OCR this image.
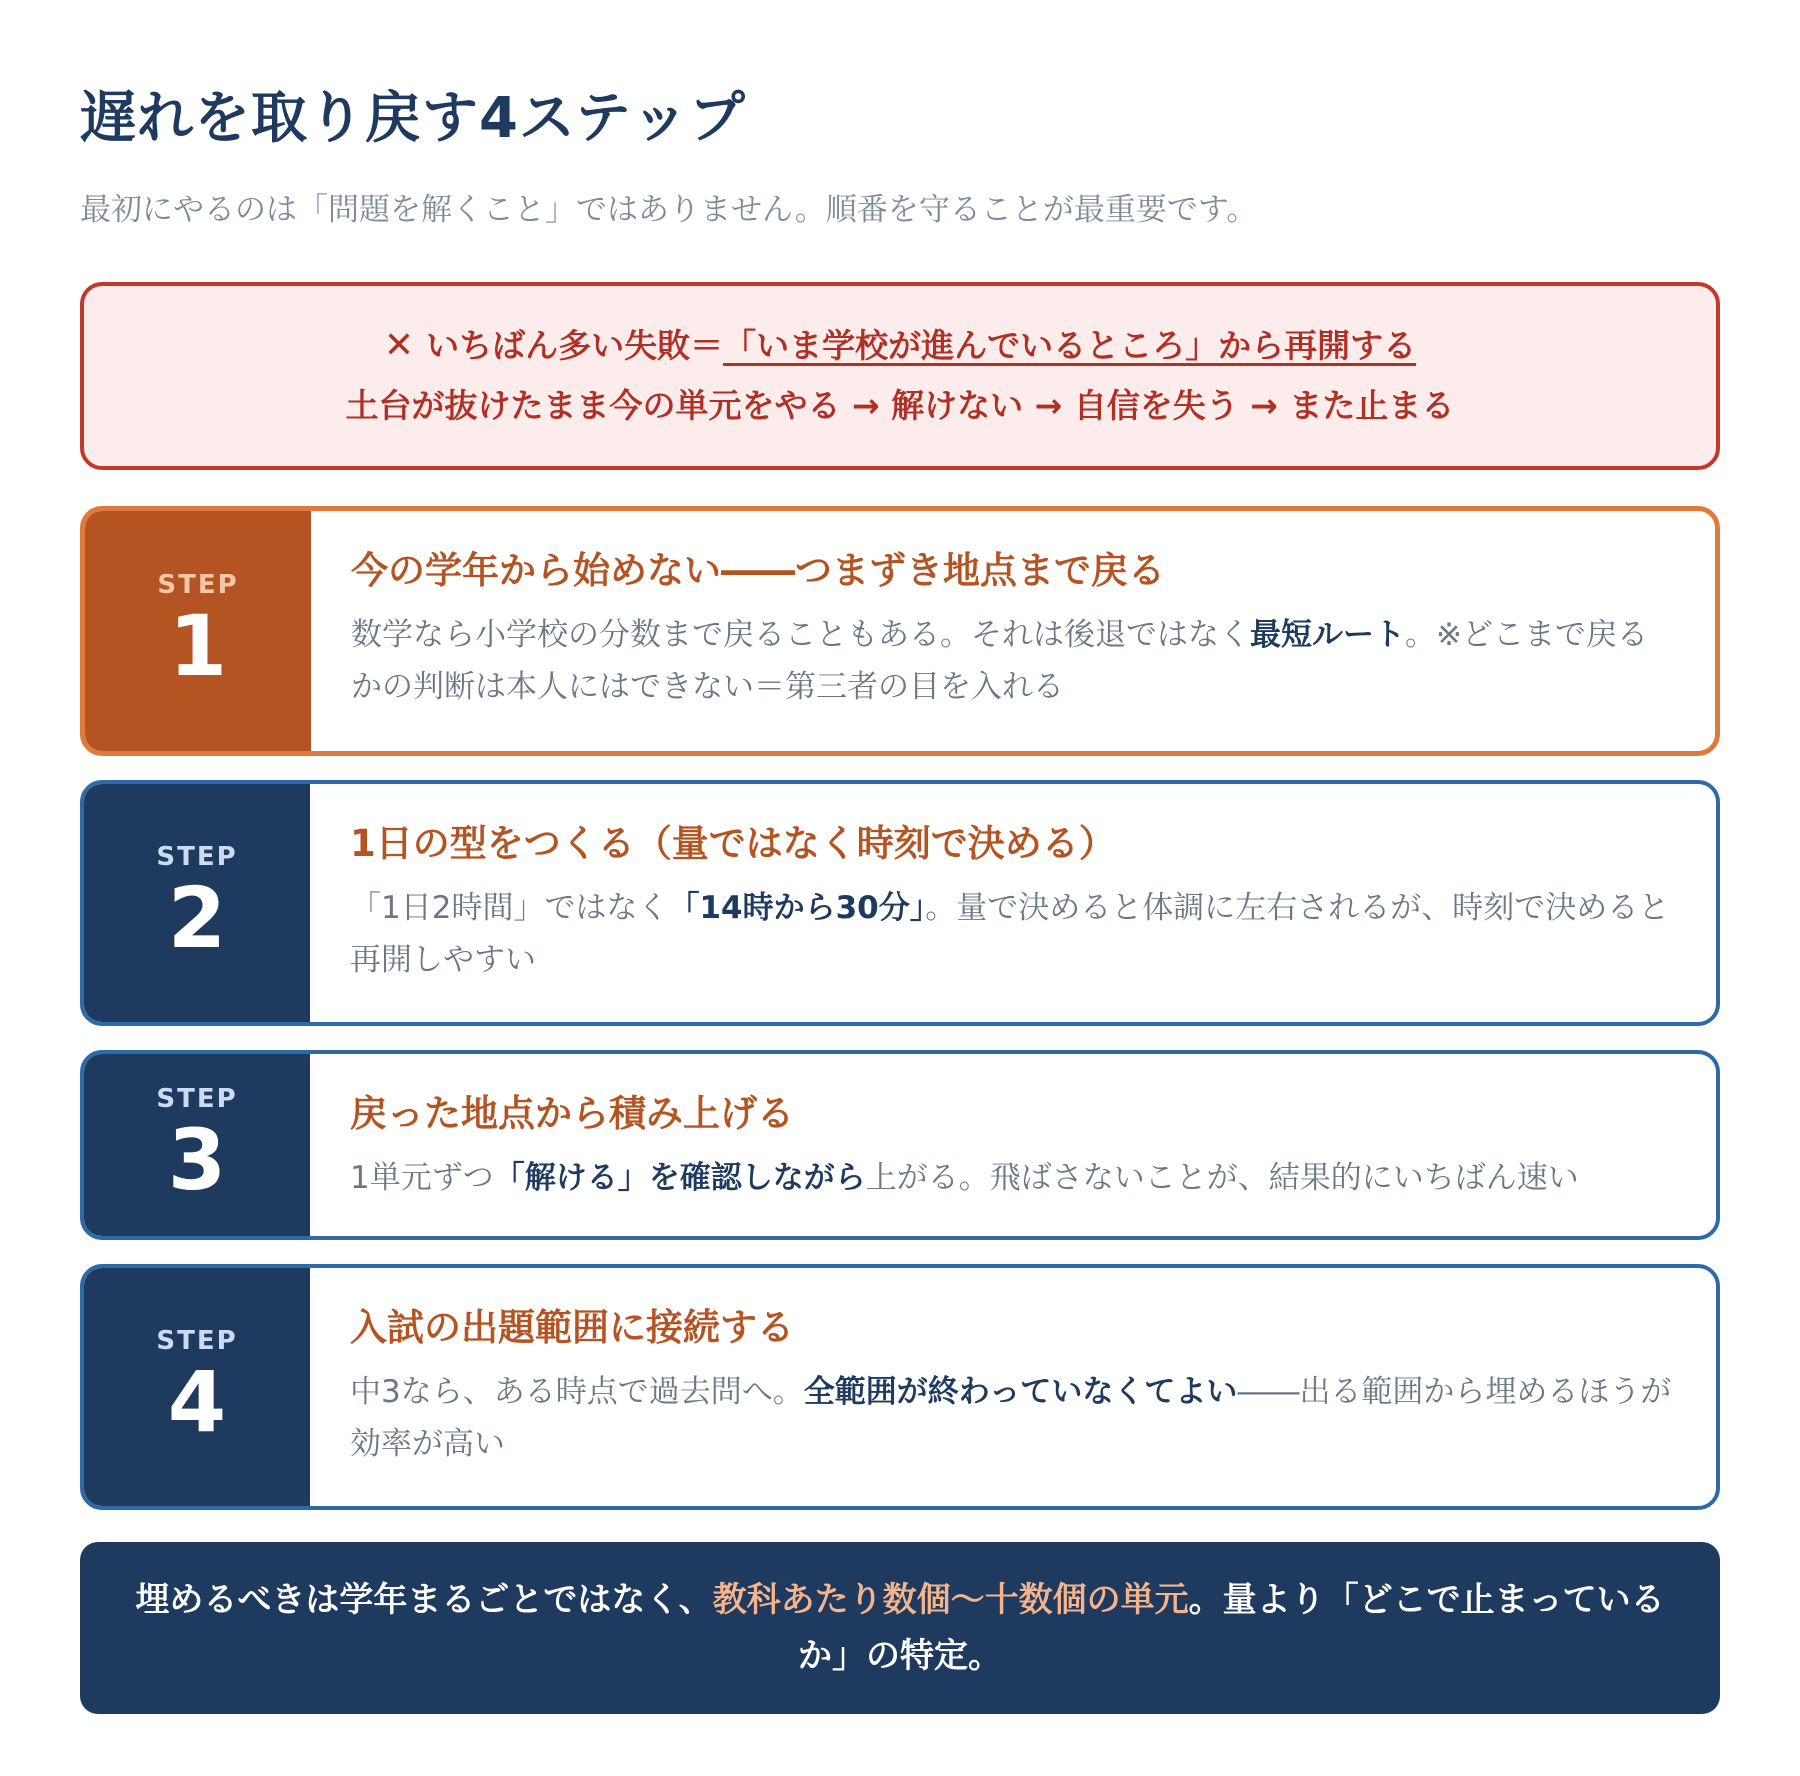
遅れを取り戻す4ステップ

最初にやるのは「問題を解くこと」ではありません。順番を守ることが最重要です。

✕ いちばん多い失敗＝ 「いま学校が進んでいるところ」から再開する
土台が抜けたまま今の単元をやる → 解けない → 自信を失う → また止まる
STEP
1
今の学年から始めない――つまずき地点まで戻る
数学なら小学校の分数まで戻ることもある。それは後退ではなく最短ルート。※どこまで戻るかの判断は本人にはできない＝第三者の目を入れる
STEP
2
1日の型をつくる（量ではなく時刻で決める）
「1日2時間」ではなく「14時から30分」。量で決めると体調に左右されるが、時刻で決めると再開しやすい
STEP
3	戻った地点から積み上げる
1単元ずつ「解ける」を確認しながら上がる。飛ばさないことが、結果的にいちばん速い
STEP
4
入試の出題範囲に接続する
中3なら、ある時点で過去問へ。全範囲が終わっていなくてよい――出る範囲から埋めるほうが効率が高い
埋めるべきは学年まるごとではなく、教科あたり数個〜十数個の単元。量より「どこで止まっているか」の特定。
